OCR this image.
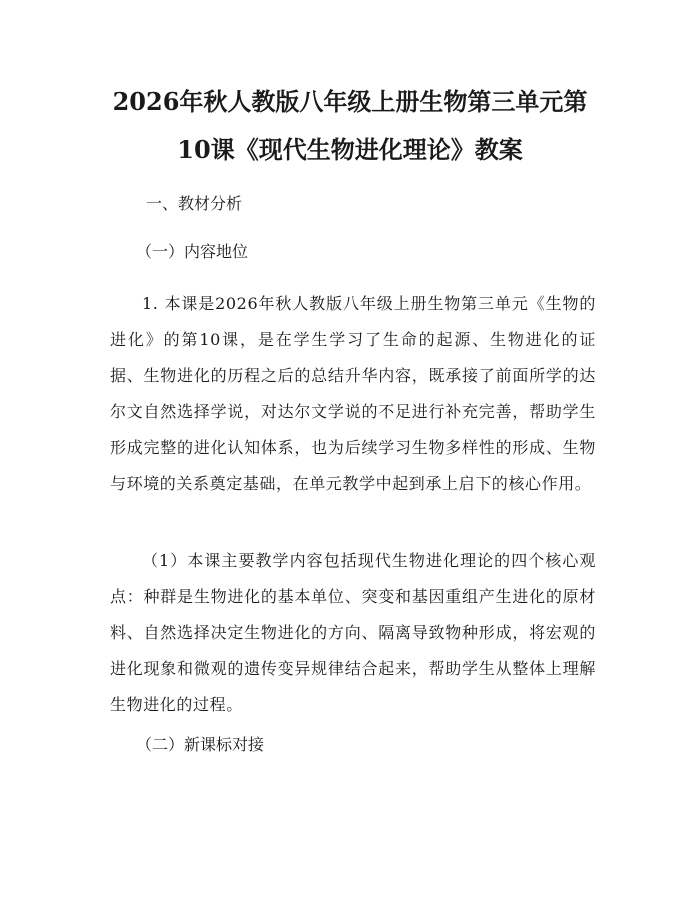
2026年秋人教版八年级上册生物第三单元第
10课《现代生物进化理论》教案
一、教材分析
（一）内容地位

1. 本课是2026年秋人教版八年级上册生物第三单元《生物的进化》的第10课，是在学生学习了生命的起源、生物进化的证据、生物进化的历程之后的总结升华内容，既承接了前面所学的达尔文自然选择学说，对达尔文学说的不足进行补充完善，帮助学生形成完整的进化认知体系，也为后续学习生物多样性的形成、生物与环境的关系奠定基础，在单元教学中起到承上启下的核心作用。

（1）本课主要教学内容包括现代生物进化理论的四个核心观点：种群是生物进化的基本单位、突变和基因重组产生进化的原材料、自然选择决定生物进化的方向、隔离导致物种形成，将宏观的进化现象和微观的遗传变异规律结合起来，帮助学生从整体上理解生物进化的过程。

（二）新课标对接
